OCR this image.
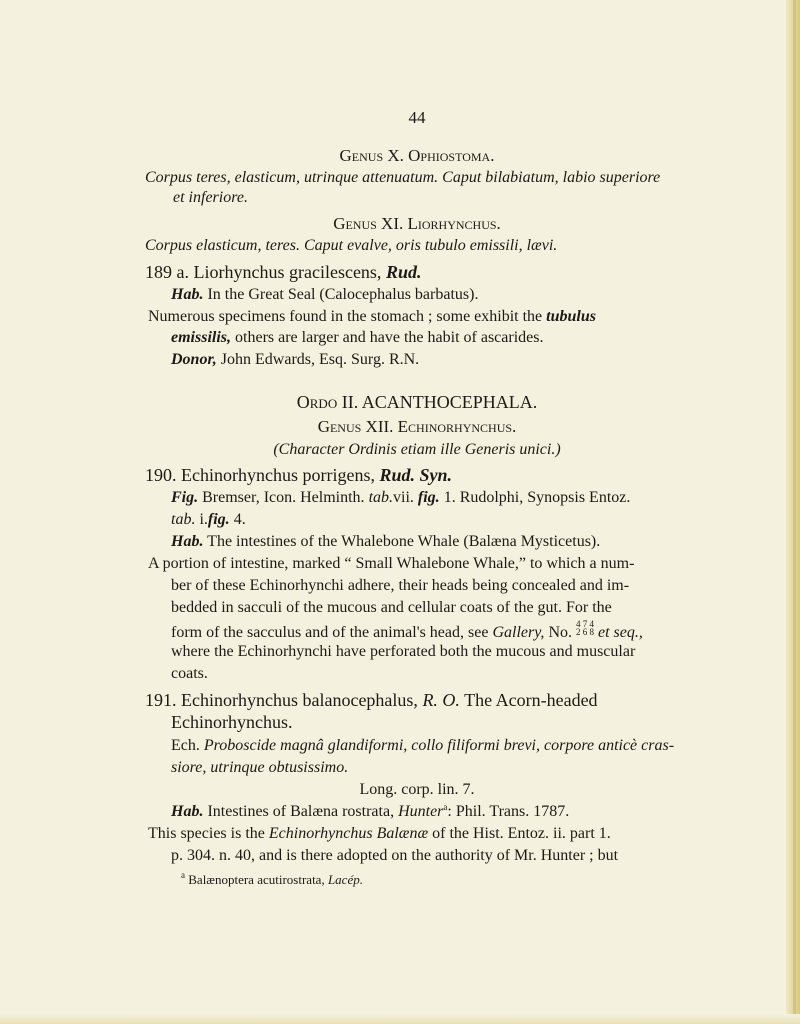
44
Genus X. Ophiostoma.
Corpus teres, elasticum, utrinque attenuatum. Caput bilabiatum, labio superiore
et inferiore.
Genus XI. Liorhynchus.
Corpus elasticum, teres. Caput evalve, oris tubulo emissili, lævi.
189 a. Liorhynchus gracilescens, Rud.
Hab. In the Great Seal (Calocephalus barbatus).
Numerous specimens found in the stomach ; some exhibit the tubulus
emissilis, others are larger and have the habit of ascarides.
Donor, John Edwards, Esq. Surg. R.N.
Ordo II. ACANTHOCEPHALA.
Genus XII. Echinorhynchus.
(Character Ordinis etiam ille Generis unici.)
190. Echinorhynchus porrigens, Rud. Syn.
Fig. Bremser, Icon. Helminth. tab.vii. fig. 1. Rudolphi, Synopsis Entoz.
tab. i.fig. 4.
Hab. The intestines of the Whalebone Whale (Balæna Mysticetus).
A portion of intestine, marked “ Small Whalebone Whale,” to which a num-
ber of these Echinorhynchi adhere, their heads being concealed and im-
bedded in sacculi of the mucous and cellular coats of the gut. For the
form of the sacculus and of the animal's head, see Gallery, No. 4 7 4
2 6 8 et seq.,
where the Echinorhynchi have perforated both the mucous and muscular
coats.
191. Echinorhynchus balanocephalus, R. O. The Acorn-headed
Echinorhynchus.
Ech. Proboscide magnâ glandiformi, collo filiformi brevi, corpore anticè cras-
siore, utrinque obtusissimo.
Long. corp. lin. 7.
Hab. Intestines of Balæna rostrata, Hunter$^a$: Phil. Trans. 1787.
This species is the Echinorhynchus Balænæ of the Hist. Entoz. ii. part 1.
p. 304. n. 40, and is there adopted on the authority of Mr. Hunter ; but
$^a$ Balænoptera acutirostrata, Lacép.
